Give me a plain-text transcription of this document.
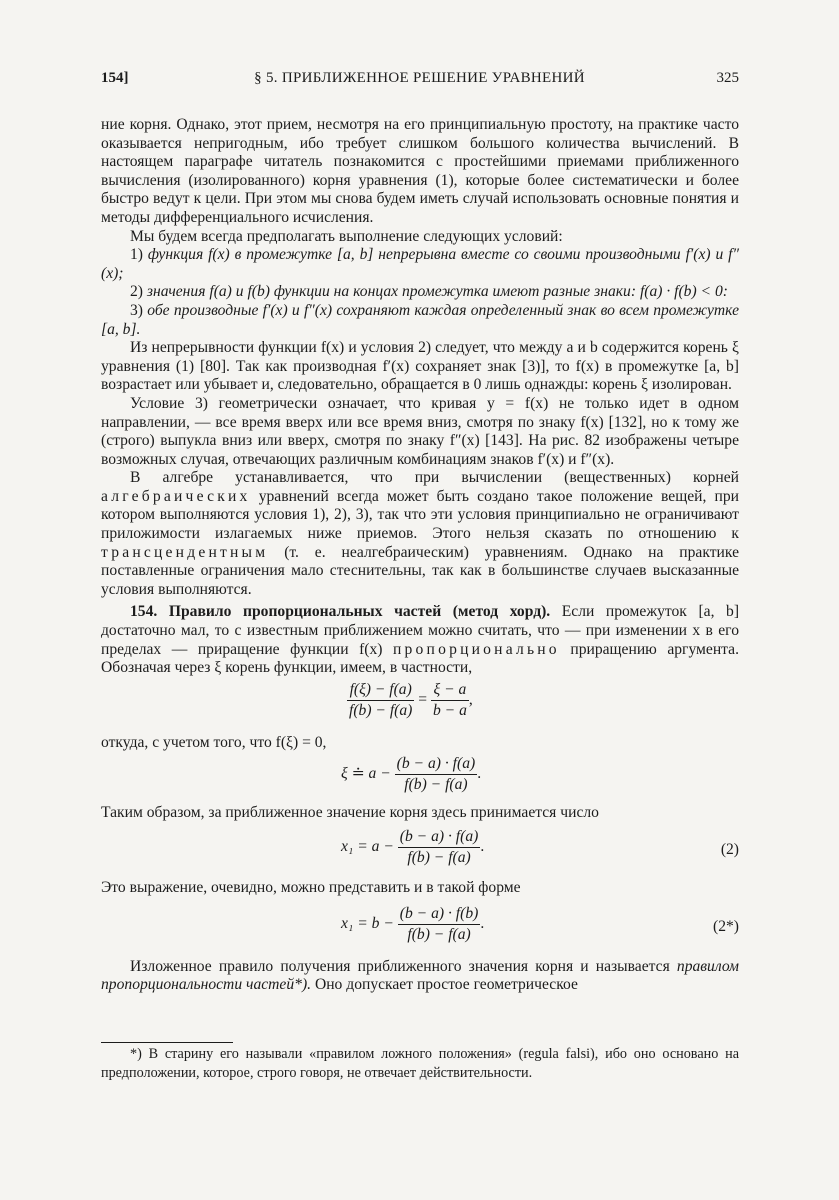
154]	§ 5. ПРИБЛИЖЕННОЕ РЕШЕНИЕ УРАВНЕНИЙ	325

ние корня. Однако, этот прием, несмотря на его принципиальную простоту, на практике часто оказывается непригодным, ибо требует слишком большого количества вычислений. В настоящем параграфе читатель познакомится с простейшими приемами приближенного вычисления (изолированного) корня уравнения (1), которые более систематически и более быстро ведут к цели. При этом мы снова будем иметь случай использовать основные понятия и методы дифференциального исчисления.

Мы будем всегда предполагать выполнение следующих условий:

1) функция f(x) в промежутке [a, b] непрерывна вместе со своими производными f′(x) и f″(x);

2) значения f(a) и f(b) функции на концах промежутка имеют разные знаки: f(a) · f(b) < 0:

3) обе производные f′(x) и f″(x) сохраняют каждая определенный знак во всем промежутке [a, b].

Из непрерывности функции f(x) и условия 2) следует, что между a и b содержится корень ξ уравнения (1) [80]. Так как производная f′(x) сохраняет знак [3)], то f(x) в промежутке [a, b] возрастает или убывает и, следовательно, обращается в 0 лишь однажды: корень ξ изолирован.

Условие 3) геометрически означает, что кривая y = f(x) не только идет в одном направлении, — все время вверх или все время вниз, смотря по знаку f(x) [132], но к тому же (строго) выпукла вниз или вверх, смотря по знаку f″(x) [143]. На рис. 82 изображены четыре возможных случая, отвечающих различным комбинациям знаков f′(x) и f″(x).

В алгебре устанавливается, что при вычислении (вещественных) корней алгебраических уравнений всегда может быть создано такое положение вещей, при котором выполняются условия 1), 2), 3), так что эти условия принципиально не ограничивают приложимости излагаемых ниже приемов. Этого нельзя сказать по отношению к трансцендентным (т. е. неалгебраическим) уравнениям. Однако на практике поставленные ограничения мало стеснительны, так как в большинстве случаев высказанные условия выполняются.

154. Правило пропорциональных частей (метод хорд). Если промежуток [a, b] достаточно мал, то с известным приближением можно считать, что — при изменении x в его пределах — приращение функции f(x) пропорционально приращению аргумента. Обозначая через ξ корень функции, имеем, в частности,

$\frac{f(\xi) - f(a)}{f(b) - f(a)} = \frac{\xi - a}{b - a}$ ,

откуда, с учетом того, что f(ξ) = 0,

ξ ≐ $a - \frac{(b - a) \cdot f(a)}{f(b) - f(a)}$ .

Таким образом, за приближенное значение корня здесь принимается число

$x_1 = a - \frac{(b - a) \cdot f(a)}{f(b) - f(a)}$ .	(2)

Это выражение, очевидно, можно представить и в такой форме

$x_1 = b - \frac{(b - a) \cdot f(b)}{f(b) - f(a)}$ .	(2*)

Изложенное правило получения приближенного значения корня и называется правилом пропорциональности частей*). Оно допускает простое геометрическое

*) В старину его называли «правилом ложного положения» (regula falsi), ибо оно основано на предположении, которое, строго говоря, не отвечает действительности.
